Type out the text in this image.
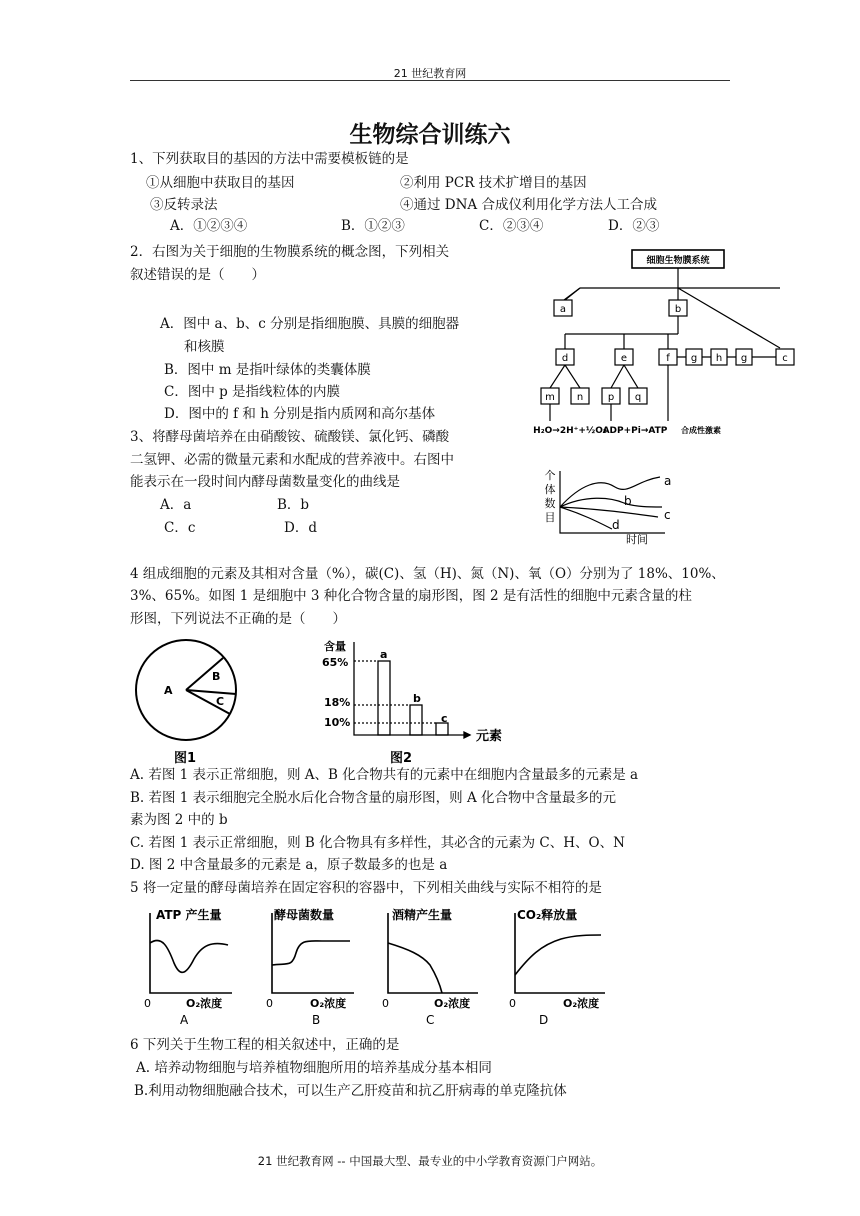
21 世纪教育网
生物综合训练六
1、下列获取目的基因的方法中需要模板链的是
①从细胞中获取目的基因	②利用 PCR 技术扩增目的基因
③反转录法	④通过 DNA 合成仪利用化学方法人工合成
A．①②③④	B．①②③	C．②③④	D．②③
2．右图为关于细胞的生物膜系统的概念图，下列相关
叙述错误的是（　　）
A．图中 a、b、c 分别是指细胞膜、具膜的细胞器
和核膜
B．图中 m 是指叶绿体的类囊体膜
C．图中 p 是指线粒体的内膜
D．图中的 f 和 h 分别是指内质网和高尔基体
细胞生物膜系统
a	b
d	e	f g h g	c
m n p q
H₂O→2H⁺+½O₂
ADP+Pi→ATP 合成性激素
3、将酵母菌培养在由硝酸铵、硫酸镁、氯化钙、磷酸
二氢钾、必需的微量元素和水配成的营养液中。右图中
能表示在一段时间内酵母菌数量变化的曲线是
A．a	B．b
C．c	D．d
个
体
数
目
时间
a
b
c
d
4 组成细胞的元素及其相对含量（%），碳(C)、氢（H)、氮（N)、氧（O）分别为了 18%、10%、
3%、65%。如图 1 是细胞中 3 种化合物含量的扇形图，图 2 是有活性的细胞中元素含量的柱
形图，下列说法不正确的是（　　）
A
B
C
图1
含量
65%
18%
10%
a
b
c
元素
图2
A. 若图 1 表示正常细胞，则 A、B 化合物共有的元素中在细胞内含量最多的元素是 a
B. 若图 1 表示细胞完全脱水后化合物含量的扇形图，则 A 化合物中含量最多的元
素为图 2 中的 b
C. 若图 1 表示正常细胞，则 B 化合物具有多样性，其必含的元素为 C、H、O、N
D. 图 2 中含量最多的元素是 a，原子数最多的也是 a
5 将一定量的酵母菌培养在固定容积的容器中，下列相关曲线与实际不相符的是
ATP 产生量
0	O₂浓度
A
酵母菌数量
0	O₂浓度
B
酒精产生量
0	O₂浓度
C
CO₂释放量
0	O₂浓度
D
6 下列关于生物工程的相关叙述中，正确的是
A. 培养动物细胞与培养植物细胞所用的培养基成分基本相同
B.利用动物细胞融合技术，可以生产乙肝疫苗和抗乙肝病毒的单克隆抗体
21 世纪教育网 -- 中国最大型、最专业的中小学教育资源门户网站。
